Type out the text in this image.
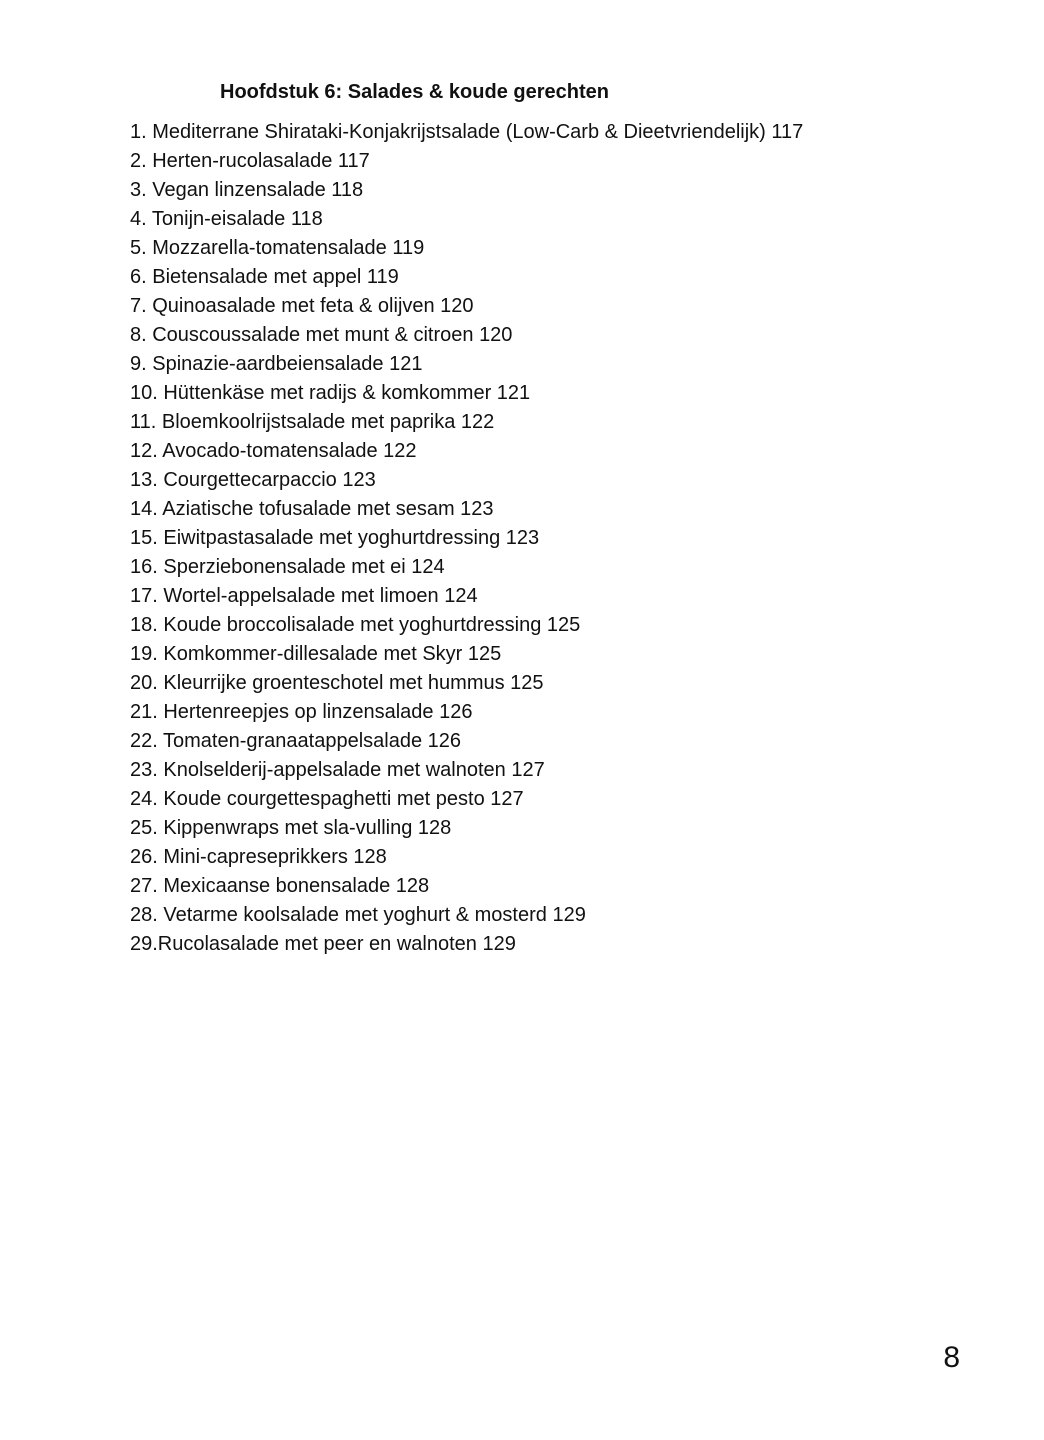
Hoofdstuk 6: Salades & koude gerechten
1. Mediterrane Shirataki-Konjakrijstsalade (Low-Carb & Dieetvriendelijk) 117
2. Herten-rucolasalade 117
3. Vegan linzensalade 118
4. Tonijn-eisalade 118
5. Mozzarella-tomatensalade 119
6. Bietensalade met appel 119
7. Quinoasalade met feta & olijven 120
8. Couscoussalade met munt & citroen 120
9. Spinazie-aardbeiensalade 121
10. Hüttenkäse met radijs & komkommer 121
11. Bloemkoolrijstsalade met paprika 122
12. Avocado-tomatensalade 122
13. Courgettecarpaccio 123
14. Aziatische tofusalade met sesam 123
15. Eiwitpastasalade met yoghurtdressing 123
16. Sperziebonensalade met ei 124
17. Wortel-appelsalade met limoen 124
18. Koude broccolisalade met yoghurtdressing 125
19. Komkommer-dillesalade met Skyr 125
20. Kleurrijke groenteschotel met hummus 125
21. Hertenreepjes op linzensalade 126
22. Tomaten-granaatappelsalade 126
23. Knolselderij-appelsalade met walnoten 127
24. Koude courgettespaghetti met pesto 127
25. Kippenwraps met sla-vulling 128
26. Mini-capreseprikkers 128
27. Mexicaanse bonensalade 128
28. Vetarme koolsalade met yoghurt & mosterd 129
29.Rucolasalade met peer en walnoten 129
8
